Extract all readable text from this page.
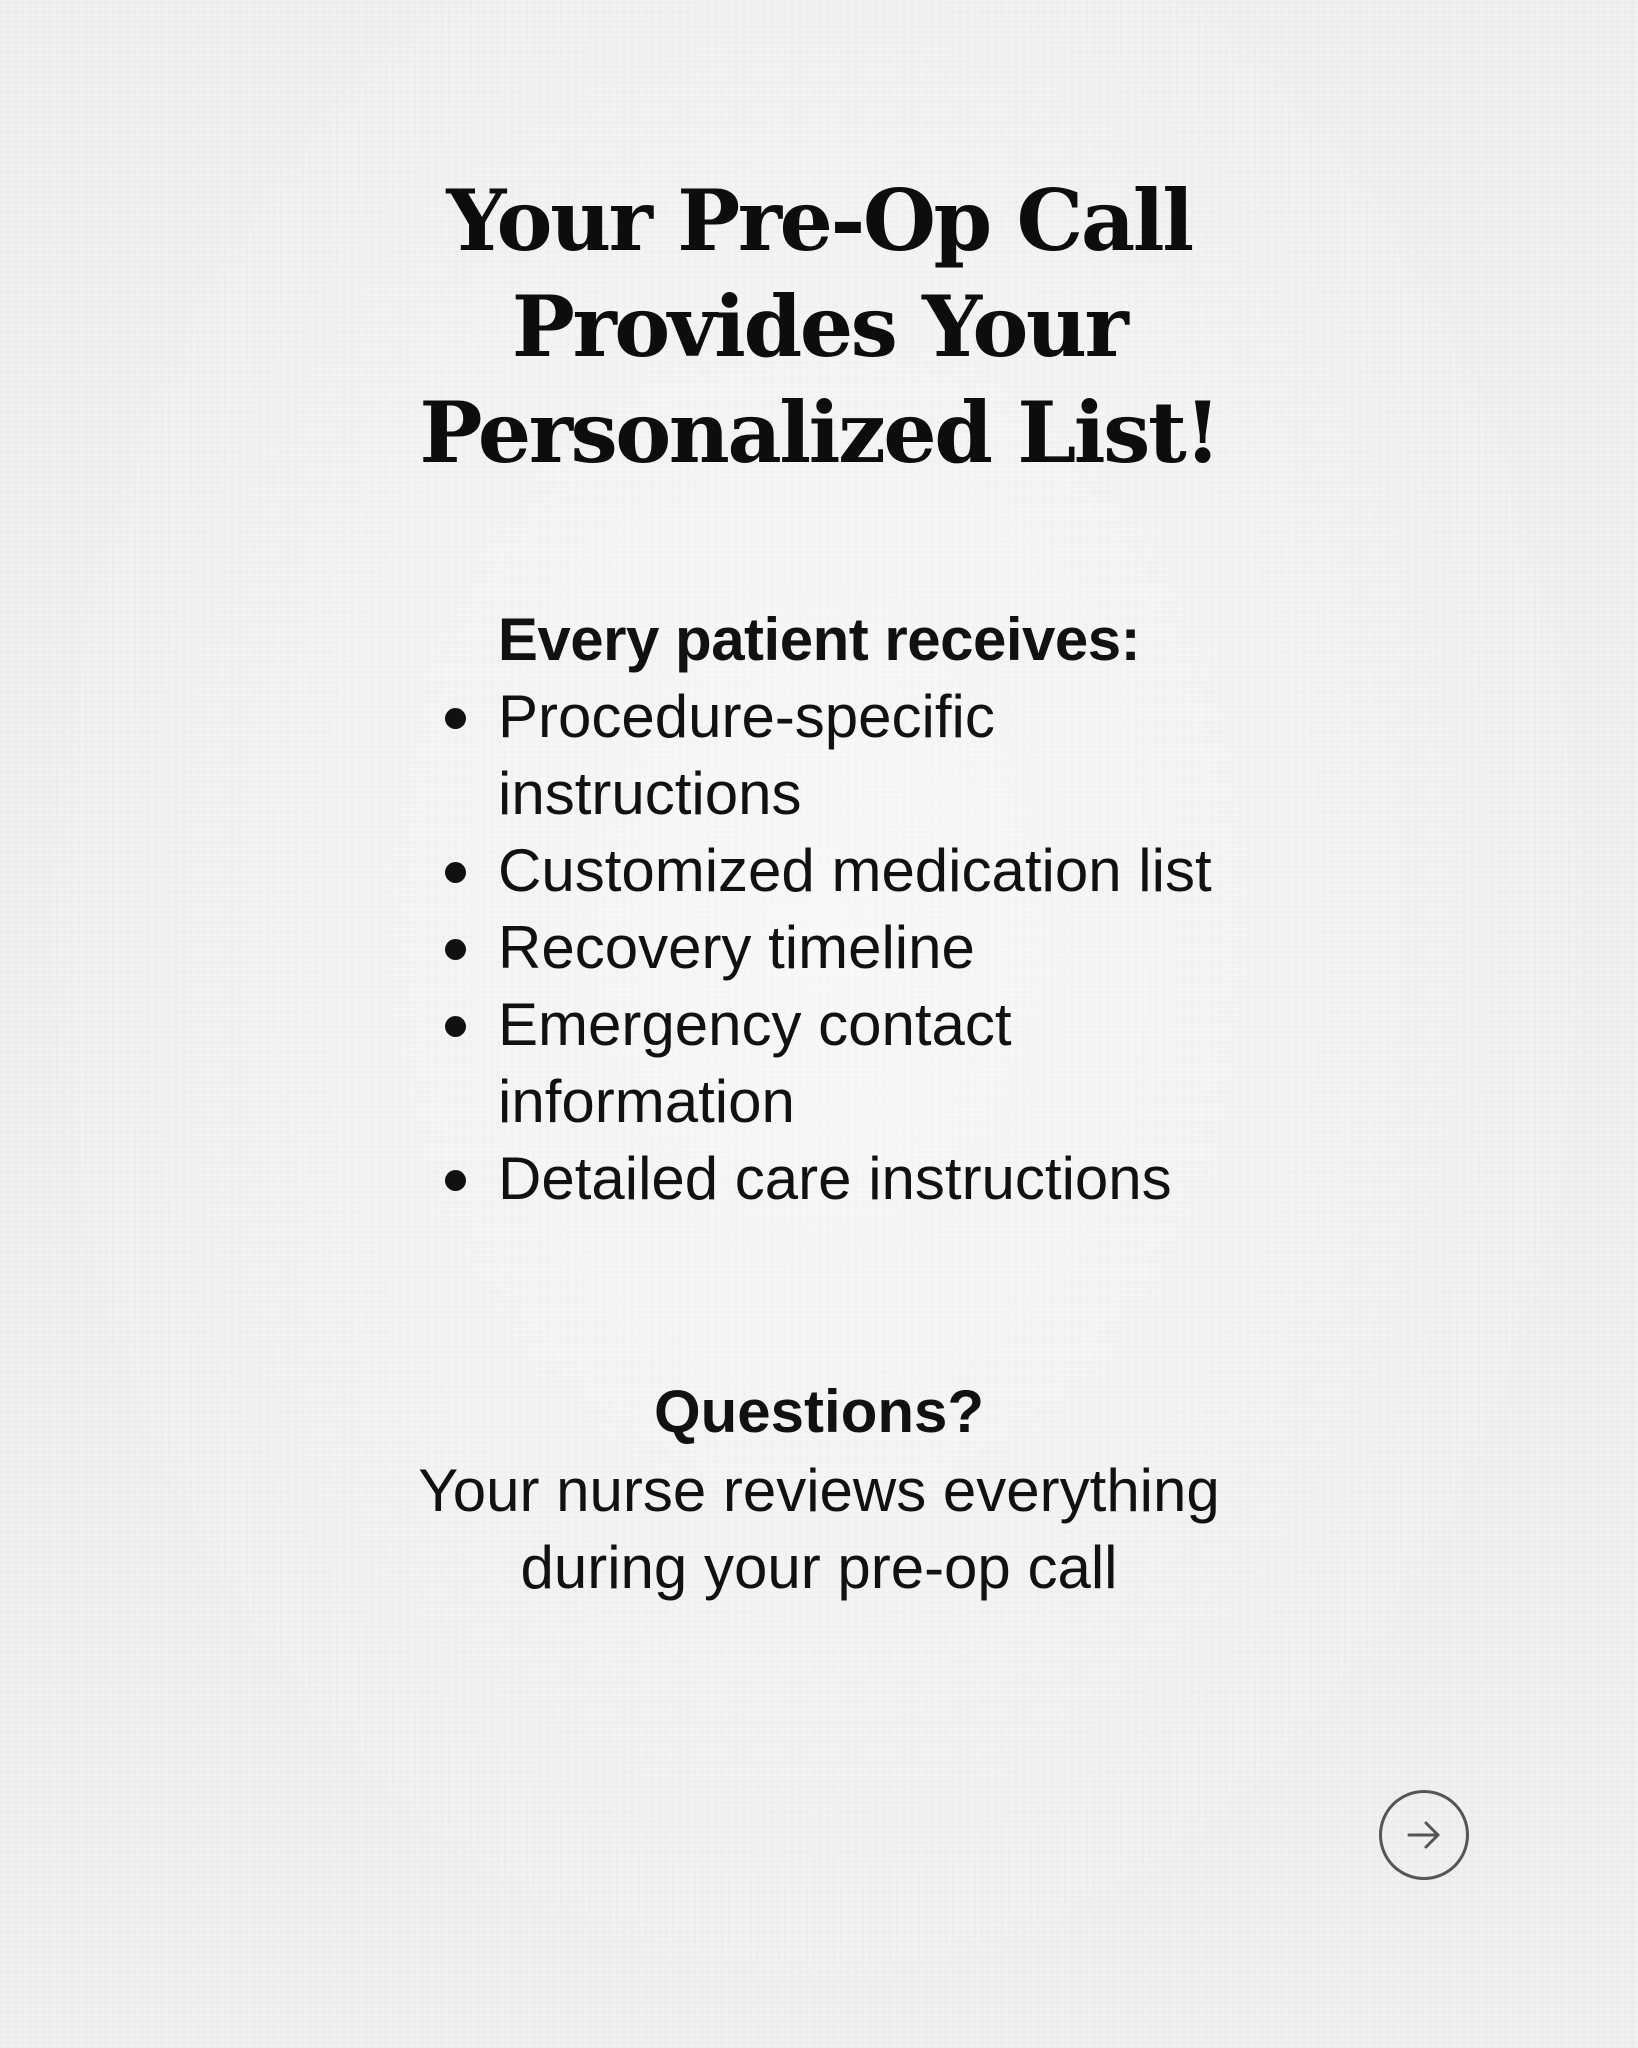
Your Pre-Op Call
Provides Your
Personalized List!
Every patient receives:
Procedure-specific instructions
Customized medication list
Recovery timeline
Emergency contact information
Detailed care instructions
Questions?

Your nurse reviews everything during your pre-op call
